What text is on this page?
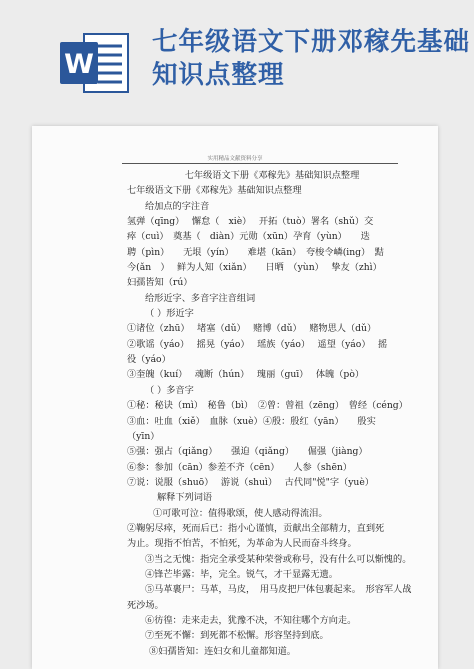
W
七年级语文下册邓稼先基础知识点整理
实用精品文献资料分享

七年级语文下册《邓稼先》基础知识点整理

七年级语文下册《邓稼先》基础知识点整理

给加点的字注音

氢弹（qīng）　 懈怠（　xiè）　 开拓（tuò）署名（shǔ）交

瘁（cuì）　奠基（　diàn）元勋（xūn）孕育（yùn）　　迭

聘（pìn）　　无垠（yín）　　难堪（kān）　夸梭令嶙(ing）　黠

今(ǎn　）　 鲜为人知（xiǎn）　　日晒　（yùn）　 挚友（zhì）

妇孺皆知（rú）

给形近字、多音字注音组词

（ ）形近字

①诸位（zhū）　 堵塞（dǔ）　 赌博（dǔ）　 赌物思人（dǔ）

②歌谣（yáo）　 摇晃（yáo）　 瑶族（yáo）　 遥望（yáo）　 摇

役（yáo）

③奎魄（kuí）　 魂断（hún）　 瑰丽（guī）　 体魄（pò）

（ ）多音字

①秘：秘诀（mì）　秘鲁（bì）　②曾：曾祖（zēng）　曾经（céng）

③血：吐血（xiě）　血脉（xuè）④殷：殷红（yān）　　殷实

（yīn）

⑤强：强占（qiǎng）　　强迫（qiǎng）　　倔强（jiàng）

⑥参：参加（cān）参差不齐（cēn）　　人参（shēn）

⑦说：说服（shuō）　 游说（shuì）　 古代同"悦"字（yuè）

解释下列词语

①可歌可泣：值得歌颂，使人感动得流泪。

②鞠躬尽瘁，死而后已：指小心谨慎，贡献出全部精力，直到死

为止。现指不怕苦，不怕死，为革命为人民而奋斗终身。

③当之无愧：指完全承受某种荣誉或称号，没有什么可以惭愧的。

④锋芒毕露：毕，完全。锐气，才干显露无遗。

⑤马革裹尸：马革，马皮，　用马皮把尸体包裹起来。　形容军人战

死沙场。

⑥彷徨：走来走去，犹豫不决，不知往哪个方向走。

⑦至死不懈：到死都不松懈。形容坚持到底。

⑧妇孺皆知：连妇女和儿童都知道。
